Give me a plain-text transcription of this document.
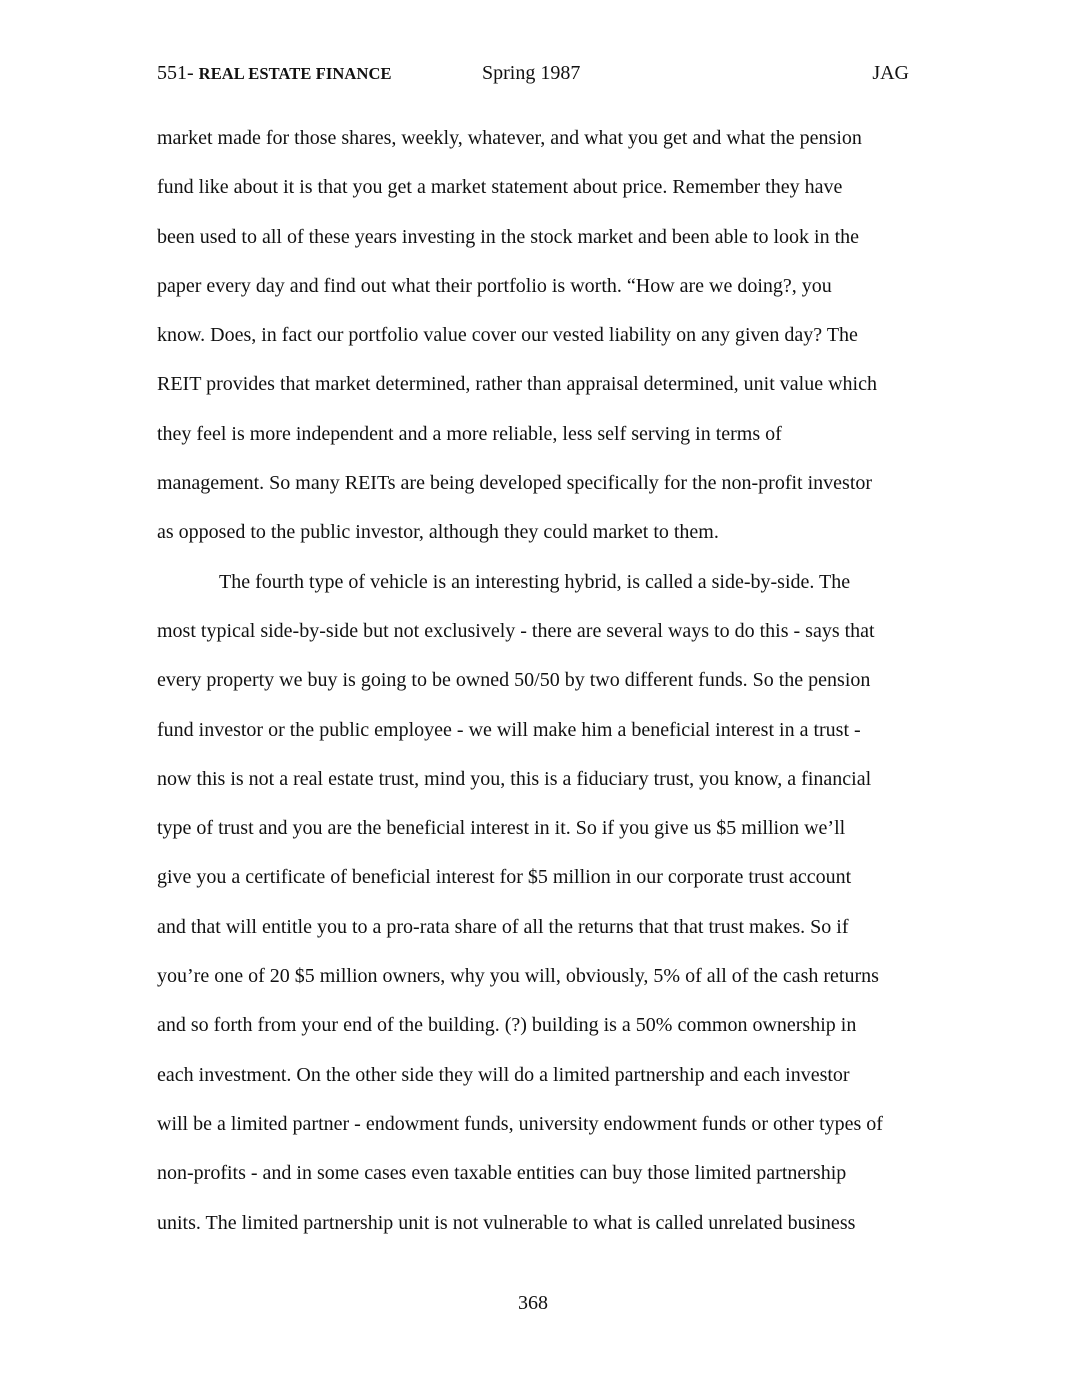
551- REAL ESTATE FINANCE	Spring 1987	JAG
market made for those shares, weekly, whatever, and what you get and what the pension
fund like about it is that you get a market statement about price. Remember they have
been used to all of these years investing in the stock market and been able to look in the
paper every day and find out what their portfolio is worth. “How are we doing?, you
know. Does, in fact our portfolio value cover our vested liability on any given day? The
REIT provides that market determined, rather than appraisal determined, unit value which
they feel is more independent and a more reliable, less self serving in terms of
management. So many REITs are being developed specifically for the non-profit investor
as opposed to the public investor, although they could market to them.
The fourth type of vehicle is an interesting hybrid, is called a side-by-side. The
most typical side-by-side but not exclusively - there are several ways to do this - says that
every property we buy is going to be owned 50/50 by two different funds. So the pension
fund investor or the public employee - we will make him a beneficial interest in a trust -
now this is not a real estate trust, mind you, this is a fiduciary trust, you know, a financial
type of trust and you are the beneficial interest in it. So if you give us $5 million we’ll
give you a certificate of beneficial interest for $5 million in our corporate trust account
and that will entitle you to a pro-rata share of all the returns that that trust makes. So if
you’re one of 20 $5 million owners, why you will, obviously, 5% of all of the cash returns
and so forth from your end of the building. (?) building is a 50% common ownership in
each investment. On the other side they will do a limited partnership and each investor
will be a limited partner - endowment funds, university endowment funds or other types of
non-profits - and in some cases even taxable entities can buy those limited partnership
units. The limited partnership unit is not vulnerable to what is called unrelated business
368
